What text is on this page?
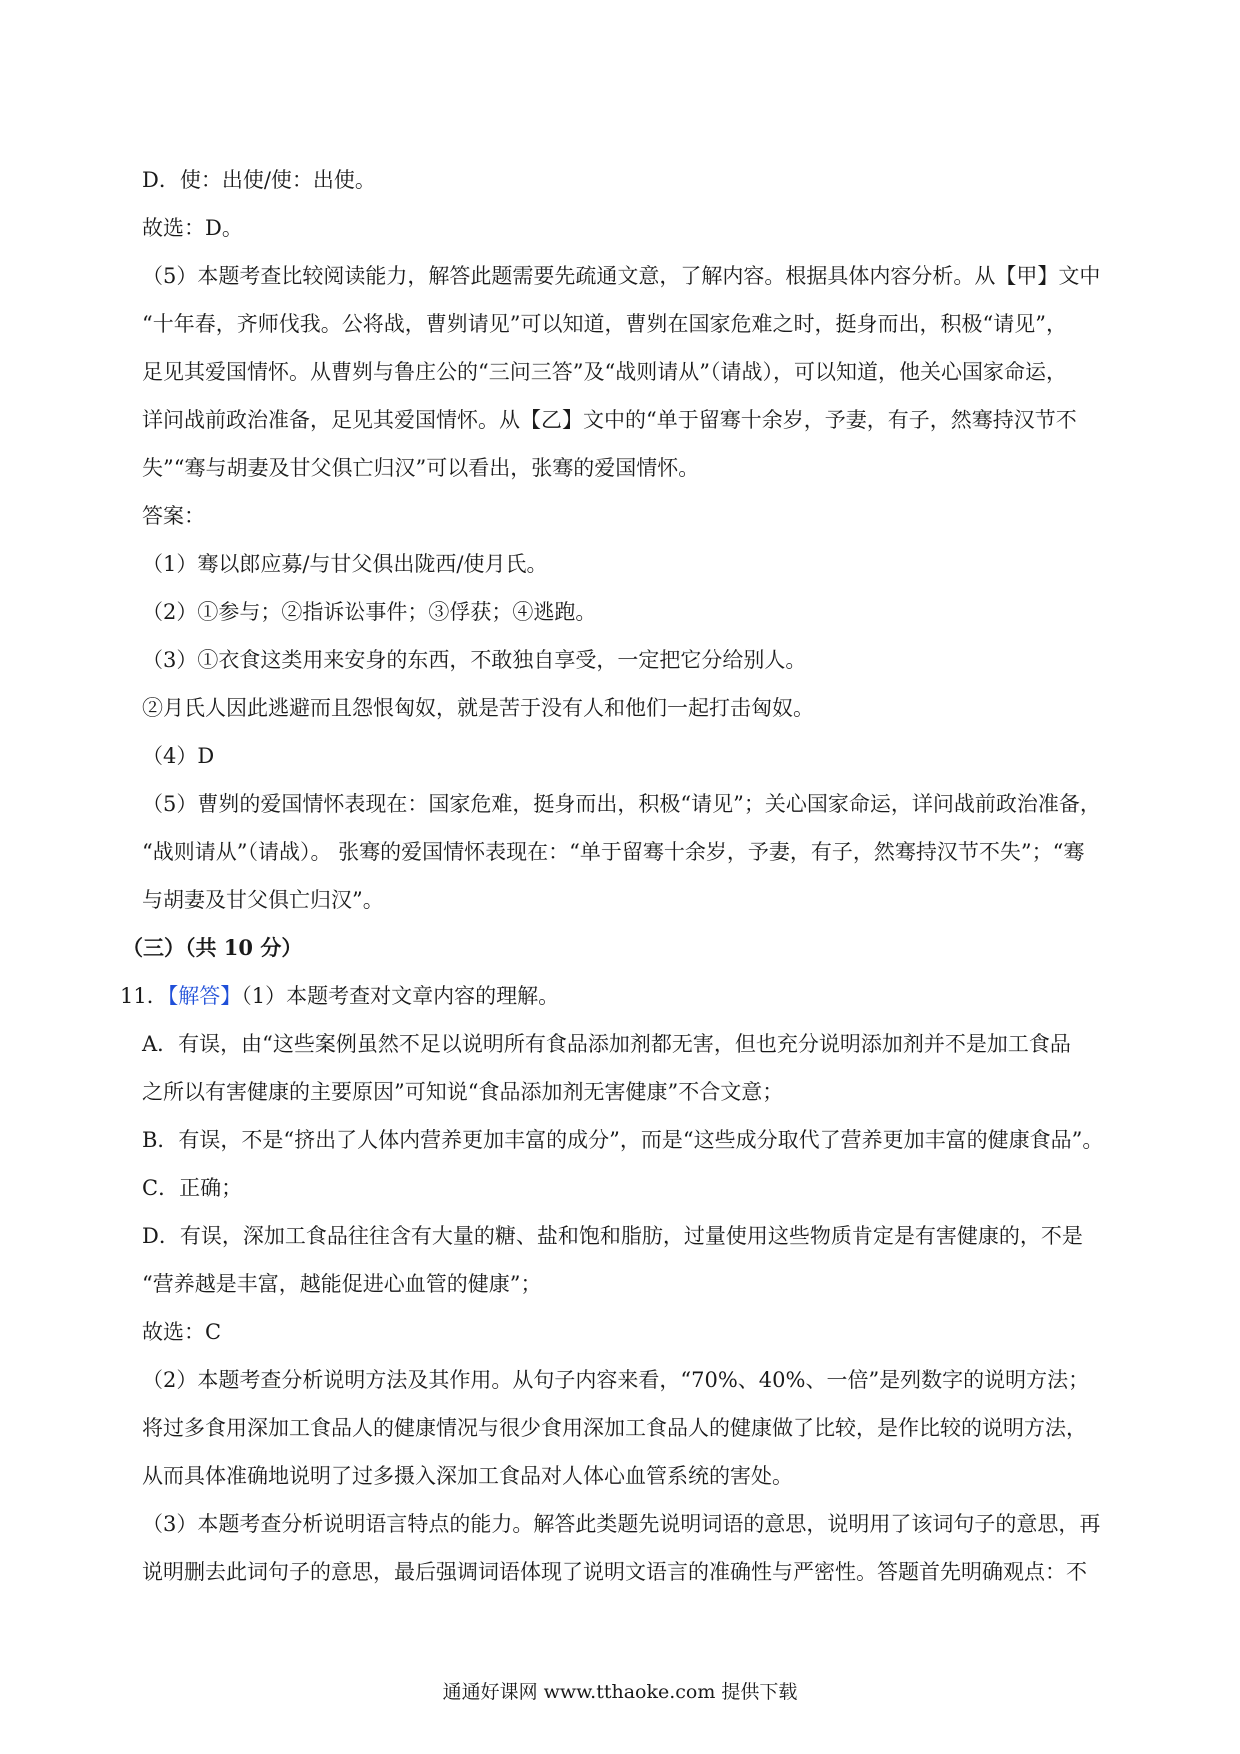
D．使：出使/使：出使。

故选：D。

（5）本题考查比较阅读能力，解答此题需要先疏通文意，了解内容。根据具体内容分析。从【甲】文中

“十年春，齐师伐我。公将战，曹刿请见”可以知道，曹刿在国家危难之时，挺身而出，积极“请见”，

足见其爱国情怀。从曹刿与鲁庄公的“三问三答”及“战则请从”（请战），可以知道，他关心国家命运，

详问战前政治准备，足见其爱国情怀。从【乙】文中的“单于留骞十余岁，予妻，有子，然骞持汉节不

失”“骞与胡妻及甘父俱亡归汉”可以看出，张骞的爱国情怀。

答案：

（1）骞以郎应募/与甘父俱出陇西/使月氏。

（2）①参与；②指诉讼事件；③俘获；④逃跑。

（3）①衣食这类用来安身的东西，不敢独自享受，一定把它分给别人。

②月氏人因此逃避而且怨恨匈奴，就是苦于没有人和他们一起打击匈奴。

（4）D

（5）曹刿的爱国情怀表现在：国家危难，挺身而出，积极“请见”；关心国家命运，详问战前政治准备，

“战则请从”（请战）。 张骞的爱国情怀表现在：“单于留骞十余岁，予妻，有子，然骞持汉节不失”；“骞

与胡妻及甘父俱亡归汉”。

（三）（共 10 分）

11．【解答】（1）本题考查对文章内容的理解。

A．有误，由“这些案例虽然不足以说明所有食品添加剂都无害，但也充分说明添加剂并不是加工食品

之所以有害健康的主要原因”可知说“食品添加剂无害健康”不合文意；

B．有误，不是“挤出了人体内营养更加丰富的成分”，而是“这些成分取代了营养更加丰富的健康食品”。

C．正确；

D．有误，深加工食品往往含有大量的糖、盐和饱和脂肪，过量使用这些物质肯定是有害健康的，不是

“营养越是丰富，越能促进心血管的健康”；

故选：C

（2）本题考查分析说明方法及其作用。从句子内容来看，“70%、40%、一倍”是列数字的说明方法；

将过多食用深加工食品人的健康情况与很少食用深加工食品人的健康做了比较，是作比较的说明方法，

从而具体准确地说明了过多摄入深加工食品对人体心血管系统的害处。

（3）本题考查分析说明语言特点的能力。解答此类题先说明词语的意思，说明用了该词句子的意思，再

说明删去此词句子的意思，最后强调词语体现了说明文语言的准确性与严密性。答题首先明确观点：不

通通好课网 www.tthaoke.com 提供下载
